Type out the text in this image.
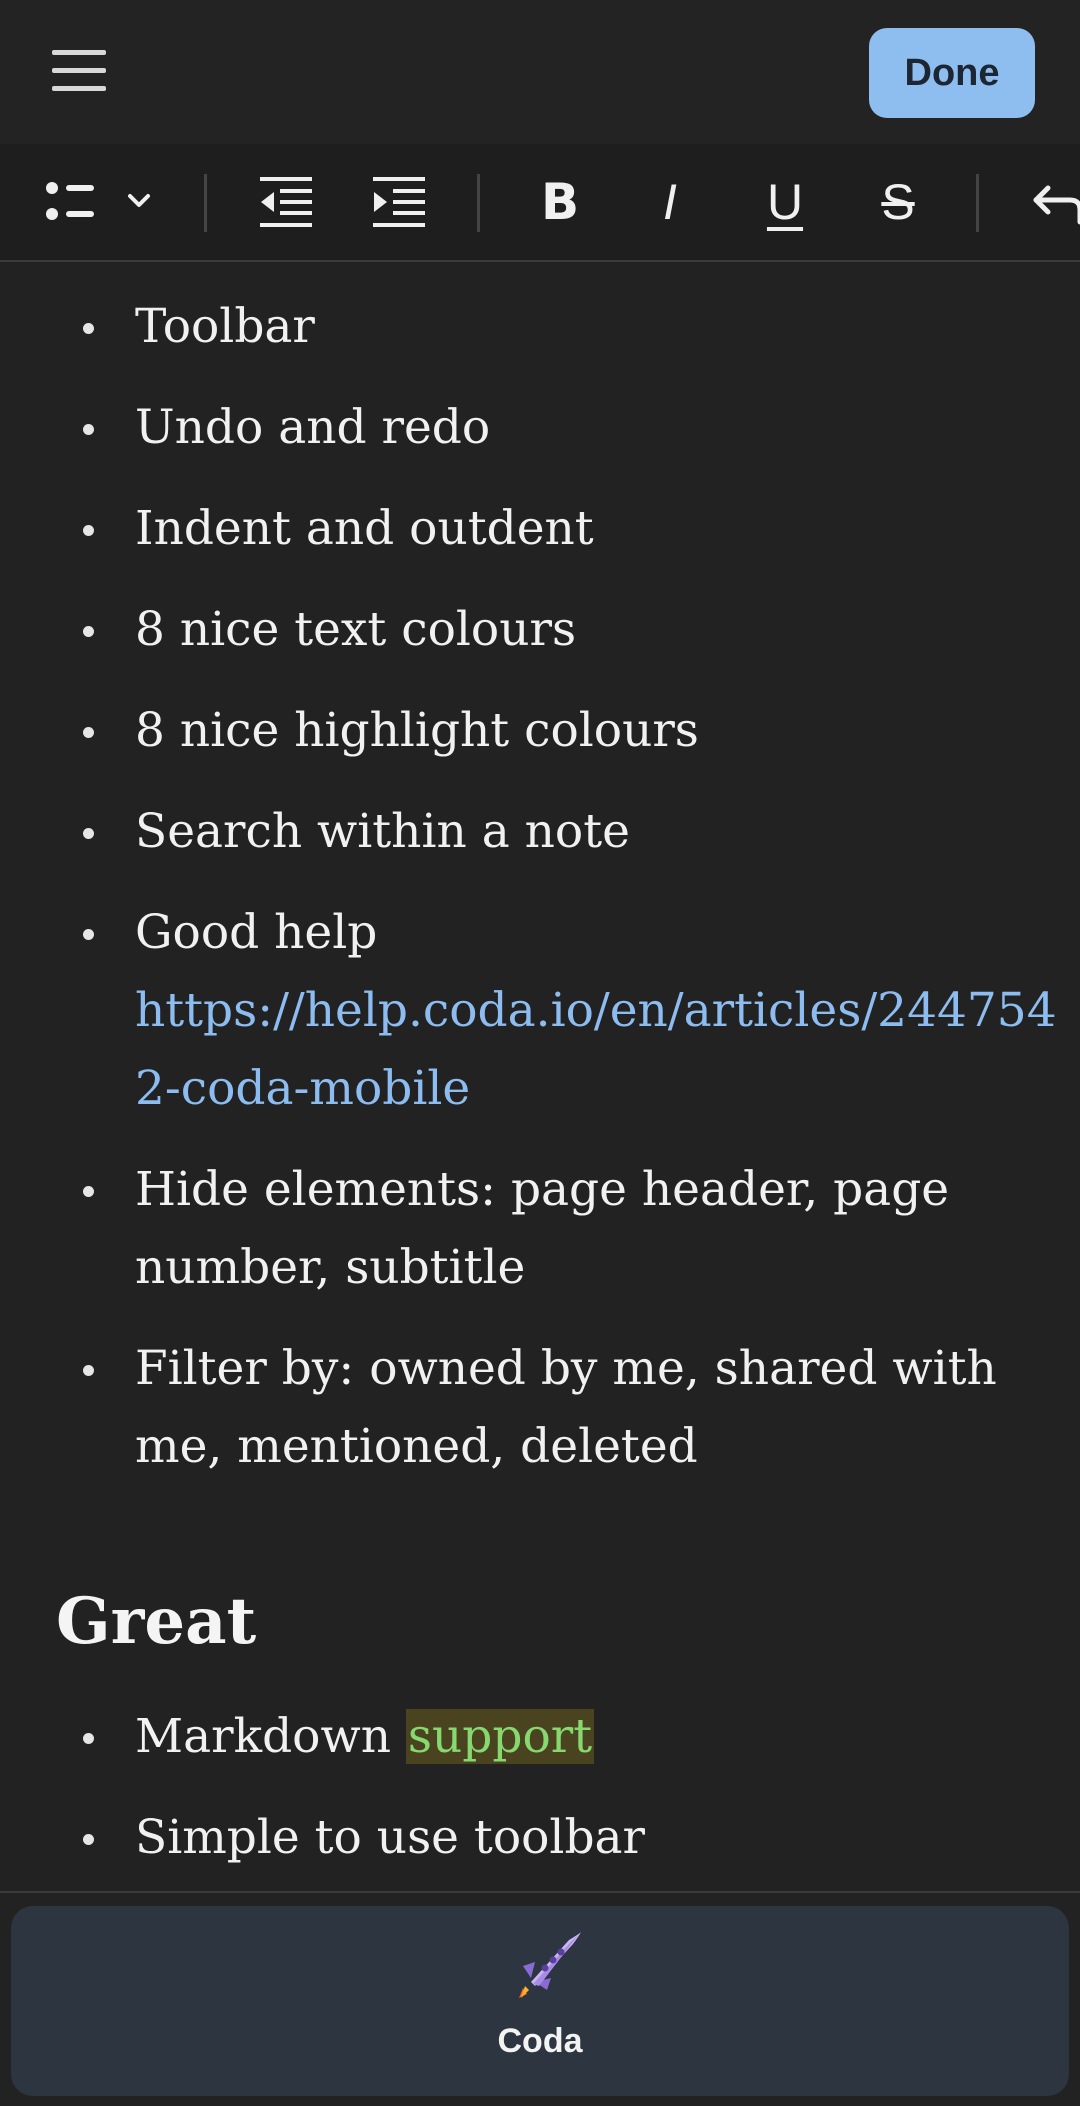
Done
B I U S
Toolbar
Undo and redo
Indent and outdent
8 nice text colours
8 nice highlight colours
Search within a note
Good help
https://help.coda.io/en/articles/2447542-coda-mobile
Hide elements: page header, page number, subtitle
Filter by: owned by me, shared with me, mentioned, deleted
Great
Markdown support
Simple to use toolbar
Coda
